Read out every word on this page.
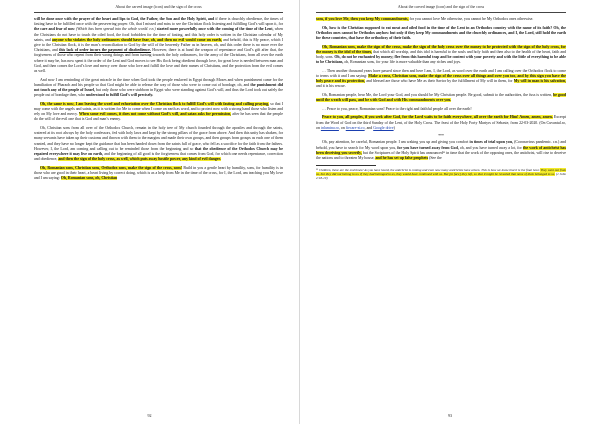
About the carved image (icon) and the sign of the cross

will be done once with the prayer of the heart and lips to God, the Father, the Son and the Holy Spirit, and if there is churchly obedience, the times of fasting have to be fulfilled once with the persevering prayer. Oh, that I missed and miss to see the Christian flock listening and fulfilling God’s will upon it, for the care and fear of now (Which has been spread into the whole world. r.n.) started more powerfully once with the coming of the time of the Lent, when the Christians do not have to touch the oiled food, the food forbidden for the time of fasting, and this holy order is written in the Christian calendar of My saints, and anyone who violates the holy ordinances should have fear, oh, and then no evil would come on earth, and behold, this is My peace, which I give to the Christian flock, it is the man’s reconciliation to God by the will of the heavenly Father as in heaven, oh, and this order there is no more ever the Christians, and this lack of order incurs the payment of disobedience. However, there is at hand the weapon of repentance and God’s gift after that, the forgiveness of those who repent from their wrong doings and from turning towards the holy ordinances, for the army of the Christians, from all over the earth where it may be, has now spent it the order of the Lent and God moves to see His flock being obedient through love, for great love is needed between man and God, and then comes the Lord’s love and mercy over those who love and fulfill the love and their names of Christians, and the protection from the evil comes as well.

And now I am reminding of the great miracle in the time when God took the people enslaved in Egypt through Moses and when punishment came for the humiliation of Pharaoh and his people so that God might be able to release the way of those who were to come out of bondage, oh, and the punishment did not touch any of the people of Israel, but only those who were stubborn in Egypt who were standing against God’s will, and thus the Lord took out safely the people out of bondage then, who understood to fulfill God’s will precisely.

Oh, the same is now, I am leaving the word and exhortation over the Christian flock to fulfill God’s will with fasting and calling praying, so that I may come with the angels and saints, as it is written for Me to come when I come on earth as word, and to protect now with a strong hand those who listen and rely on My love and mercy. When some evil comes, it does not come without God’s will, and satan asks for permission, after he has seen that the people do the will of the evil one that is God and man’s enemy.

Oh, Christian sons from all over of the Orthodox Church, remain in the holy tree of My church founded through the apostles and through the saints, watered at its root always by the holy confessors, fed with holy laws and kept by the strong pillars of the grace from above. And then this unity has shaken, for many servants have taken up their customs and thrown with them to the margins and made their own groups, and then groups from groups as each one of them wanted, and they have no longer kept the guidance that has been handed down from the saints full of grace, who fell as a sacrifice for the faith from the fathers. However, I, the Lord, am coming and calling out to be reminded those from the beginning and so that the obedience of the Orthodox Church may be repaired everywhere it may live on earth, and the beginning of all good is the forgiveness that comes from God, for which one needs repentance, correction and obedience, and then the sign of the holy cross, as well, which puts away hostile power, any kind of evil danger.

Oh, Romanian sons, Christian sons, Orthodox sons, make the sign of the cross, sons! Build in you a gentle heart by humility, sons, for humility is in those who are good in their heart, a heart living by correct doing, which is as a help from Me in the time of the cross, for I, the Lord, am teaching you My love and I am saying: Oh, Romanian sons, oh, Christian

92
About the carved image (icon) and the sign of the cross

sons, if you love Me, then you keep My commandments, for you cannot love Me otherwise, you cannot be My Orthodox ones otherwise.

Oh, how is the Christian supposed to eat meat and oiled food in the time of the Lent in an Orthodox country with the name of its faith? Oh, the Orthodox ones cannot be Orthodox anyhow but only if they keep My commandments and the churchly ordinances, and I, the Lord, still hold the earth for these countries, that have the orthodoxy of their faith.

Oh, Romanian sons, make the sign of the cross, make the sign of the holy cross over the money to be protected with the sign of the holy cross, for the money is the idol of the times, that which all worship, and this idol is harmful to the souls and holy faith and then also to the health of the heart, faith and body, sons. Oh, do not be enchanted by money; flee from this harmful trap and be content with your poverty and with the little of everything to be able to be Christians, oh, Romanian sons, for your life is more valuable than any riches and joys.

… Then another thousand years have passed since then and here I am, I, the Lord, as word over the earth and I am calling over the Orthodox flock to come to terms with it and I am saying: Make a cross, Christian sons, make the sign of the cross over all things and over you too, and by this sign you have the holy peace and its protection, and blessed are those who have Me as their Savior by the fulfillment of My will in them, for My will in man is his salvation, and it is his rescue.

Oh, Romanian people, hear Me, the Lord your God, and you should be My Christian people. Be good, submit to the authorities, the fuss is written, be good until the wrath will pass, and be with God and with His commandments over you.

… Peace to you, peace, Romanian sons! Peace to the right and faithful people all over the earth!

Peace to you, all peoples, if you seek after God, for the Lord waits to be faith everywhere, all over the earth for Him! Amen, amen, amen. Excerpt from the Word of God on the third Sunday of the Lent, of the Holy Cross. The feast of the Holy Forty Martyrs of Sebaste, from 22-03-2020. (On Cuvantul.ro, on inlumina.ro, on fiecare-zi.ro, and Google drive)

***

Oh, pay attention, be careful, Romanian people. I am waking you up and giving you comfort in times of trial upon you, (Coronavirus pandemic. r.n.) and behold, you have to search for My word upon you, for you have turned away from God, oh, and you have turned away a lot, for the work of antichrist has been deceiving you secretly, but the Scriptures of the Holy Spirit has announced¹¹ in time that the work of the opposing ones, the antichrist, will rise to deceive the nations and to threaten My house, and he has set up false prophets (See the

¹¹ Children, these are the end times! As you have heard, the antichrist is coming and even now many antichrists have arisen. This is how we know that it is the final hour. They went out from us, but they did not belong to us. If they had belonged to us, they would have continued with us. But [to face] they left, so that it might be revealed that none of them belonged to us. (1 John 2:18-19)

93
